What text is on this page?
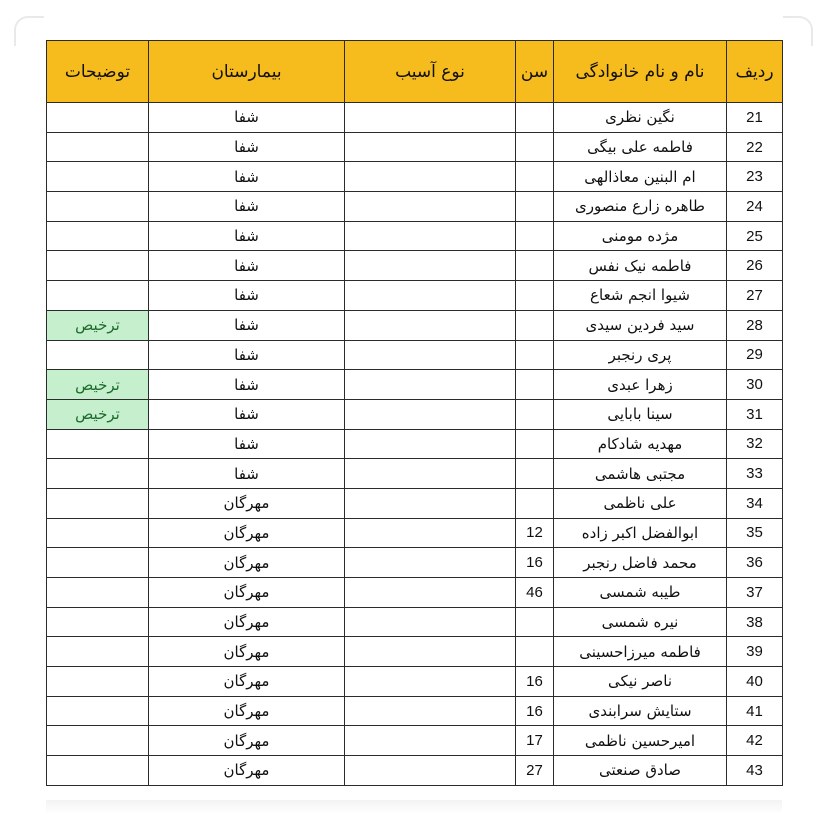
ردیف	نام و نام خانوادگی	سن	نوع آسیب	بیمارستان	توضیحات
21	نگین نظری			شفا	
22	فاطمه علی بیگی			شفا	
23	ام البنین معاذالهی			شفا	
24	طاهره زارع منصوری			شفا	
25	مژده مومنی			شفا	
26	فاطمه نیک نفس			شفا	
27	شیوا انجم شعاع			شفا	
28	سید فردین سیدی			شفا	ترخیص
29	پری رنجبر			شفا	
30	زهرا عبدی			شفا	ترخیص
31	سینا بابایی			شفا	ترخیص
32	مهدیه شادکام			شفا	
33	مجتبی هاشمی			شفا	
34	علی ناظمی			مهرگان	
35	ابوالفضل اکبر زاده	12		مهرگان	
36	محمد فاضل رنجبر	16		مهرگان	
37	طیبه شمسی	46		مهرگان	
38	نیره شمسی			مهرگان	
39	فاطمه میرزاحسینی			مهرگان	
40	ناصر نیکی	16		مهرگان	
41	ستایش سرابندی	16		مهرگان	
42	امیرحسین ناظمی	17		مهرگان	
43	صادق صنعتی	27		مهرگان	
